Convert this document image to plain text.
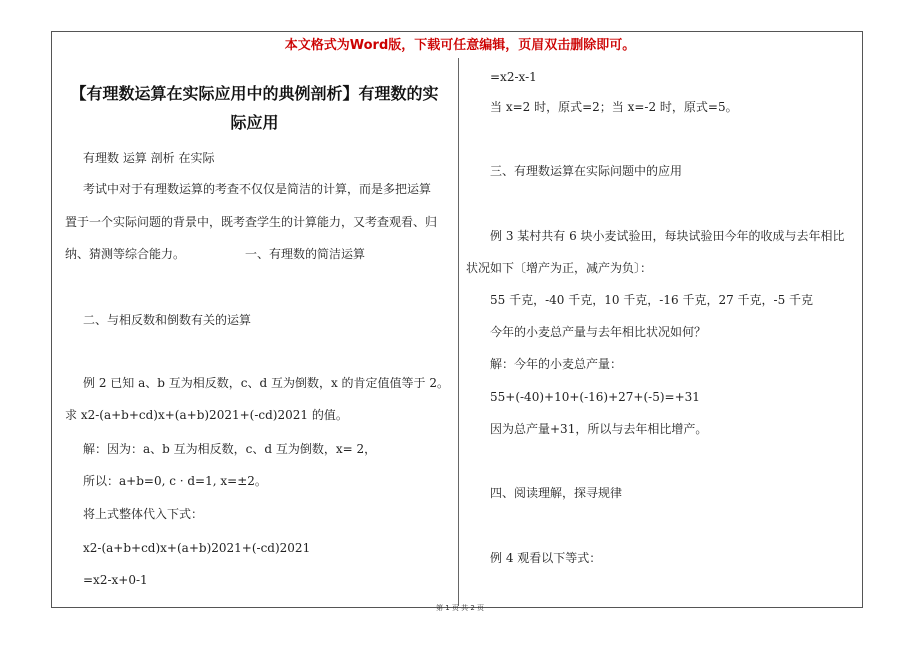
本文格式为Word版，下载可任意编辑，页眉双击删除即可。
【有理数运算在实际应用中的典例剖析】有理数的实
际应用
有理数 运算 剖析 在实际
考试中对于有理数运算的考查不仅仅是简洁的计算，而是多把运算
置于一个实际问题的背景中，既考查学生的计算能力，又考查观看、归
纳、猜测等综合能力。	一、有理数的简洁运算
二、与相反数和倒数有关的运算
例 2 已知 a、b 互为相反数，c、d 互为倒数，x 的肯定值值等于 2。
求 x2-(a+b+cd)x+(a+b)2021+(-cd)2021 的值。
解：因为：a、b 互为相反数，c、d 互为倒数，x= 2，
所以：a+b=0, c · d=1, x=±2。
将上式整体代入下式：
x2-(a+b+cd)x+(a+b)2021+(-cd)2021
=x2-x+0-1
=x2-x-1
当 x=2 时，原式=2；当 x=-2 时，原式=5。
三、有理数运算在实际问题中的应用
例 3 某村共有 6 块小麦试验田，每块试验田今年的收成与去年相比
状况如下〔增产为正，减产为负〕：
55 千克，-40 千克，10 千克，-16 千克，27 千克，-5 千克
今年的小麦总产量与去年相比状况如何？
解：今年的小麦总产量：
55+(-40)+10+(-16)+27+(-5)=+31
因为总产量+31，所以与去年相比增产。
四、阅读理解，探寻规律
例 4 观看以下等式：
第 1 页 共 2 页
